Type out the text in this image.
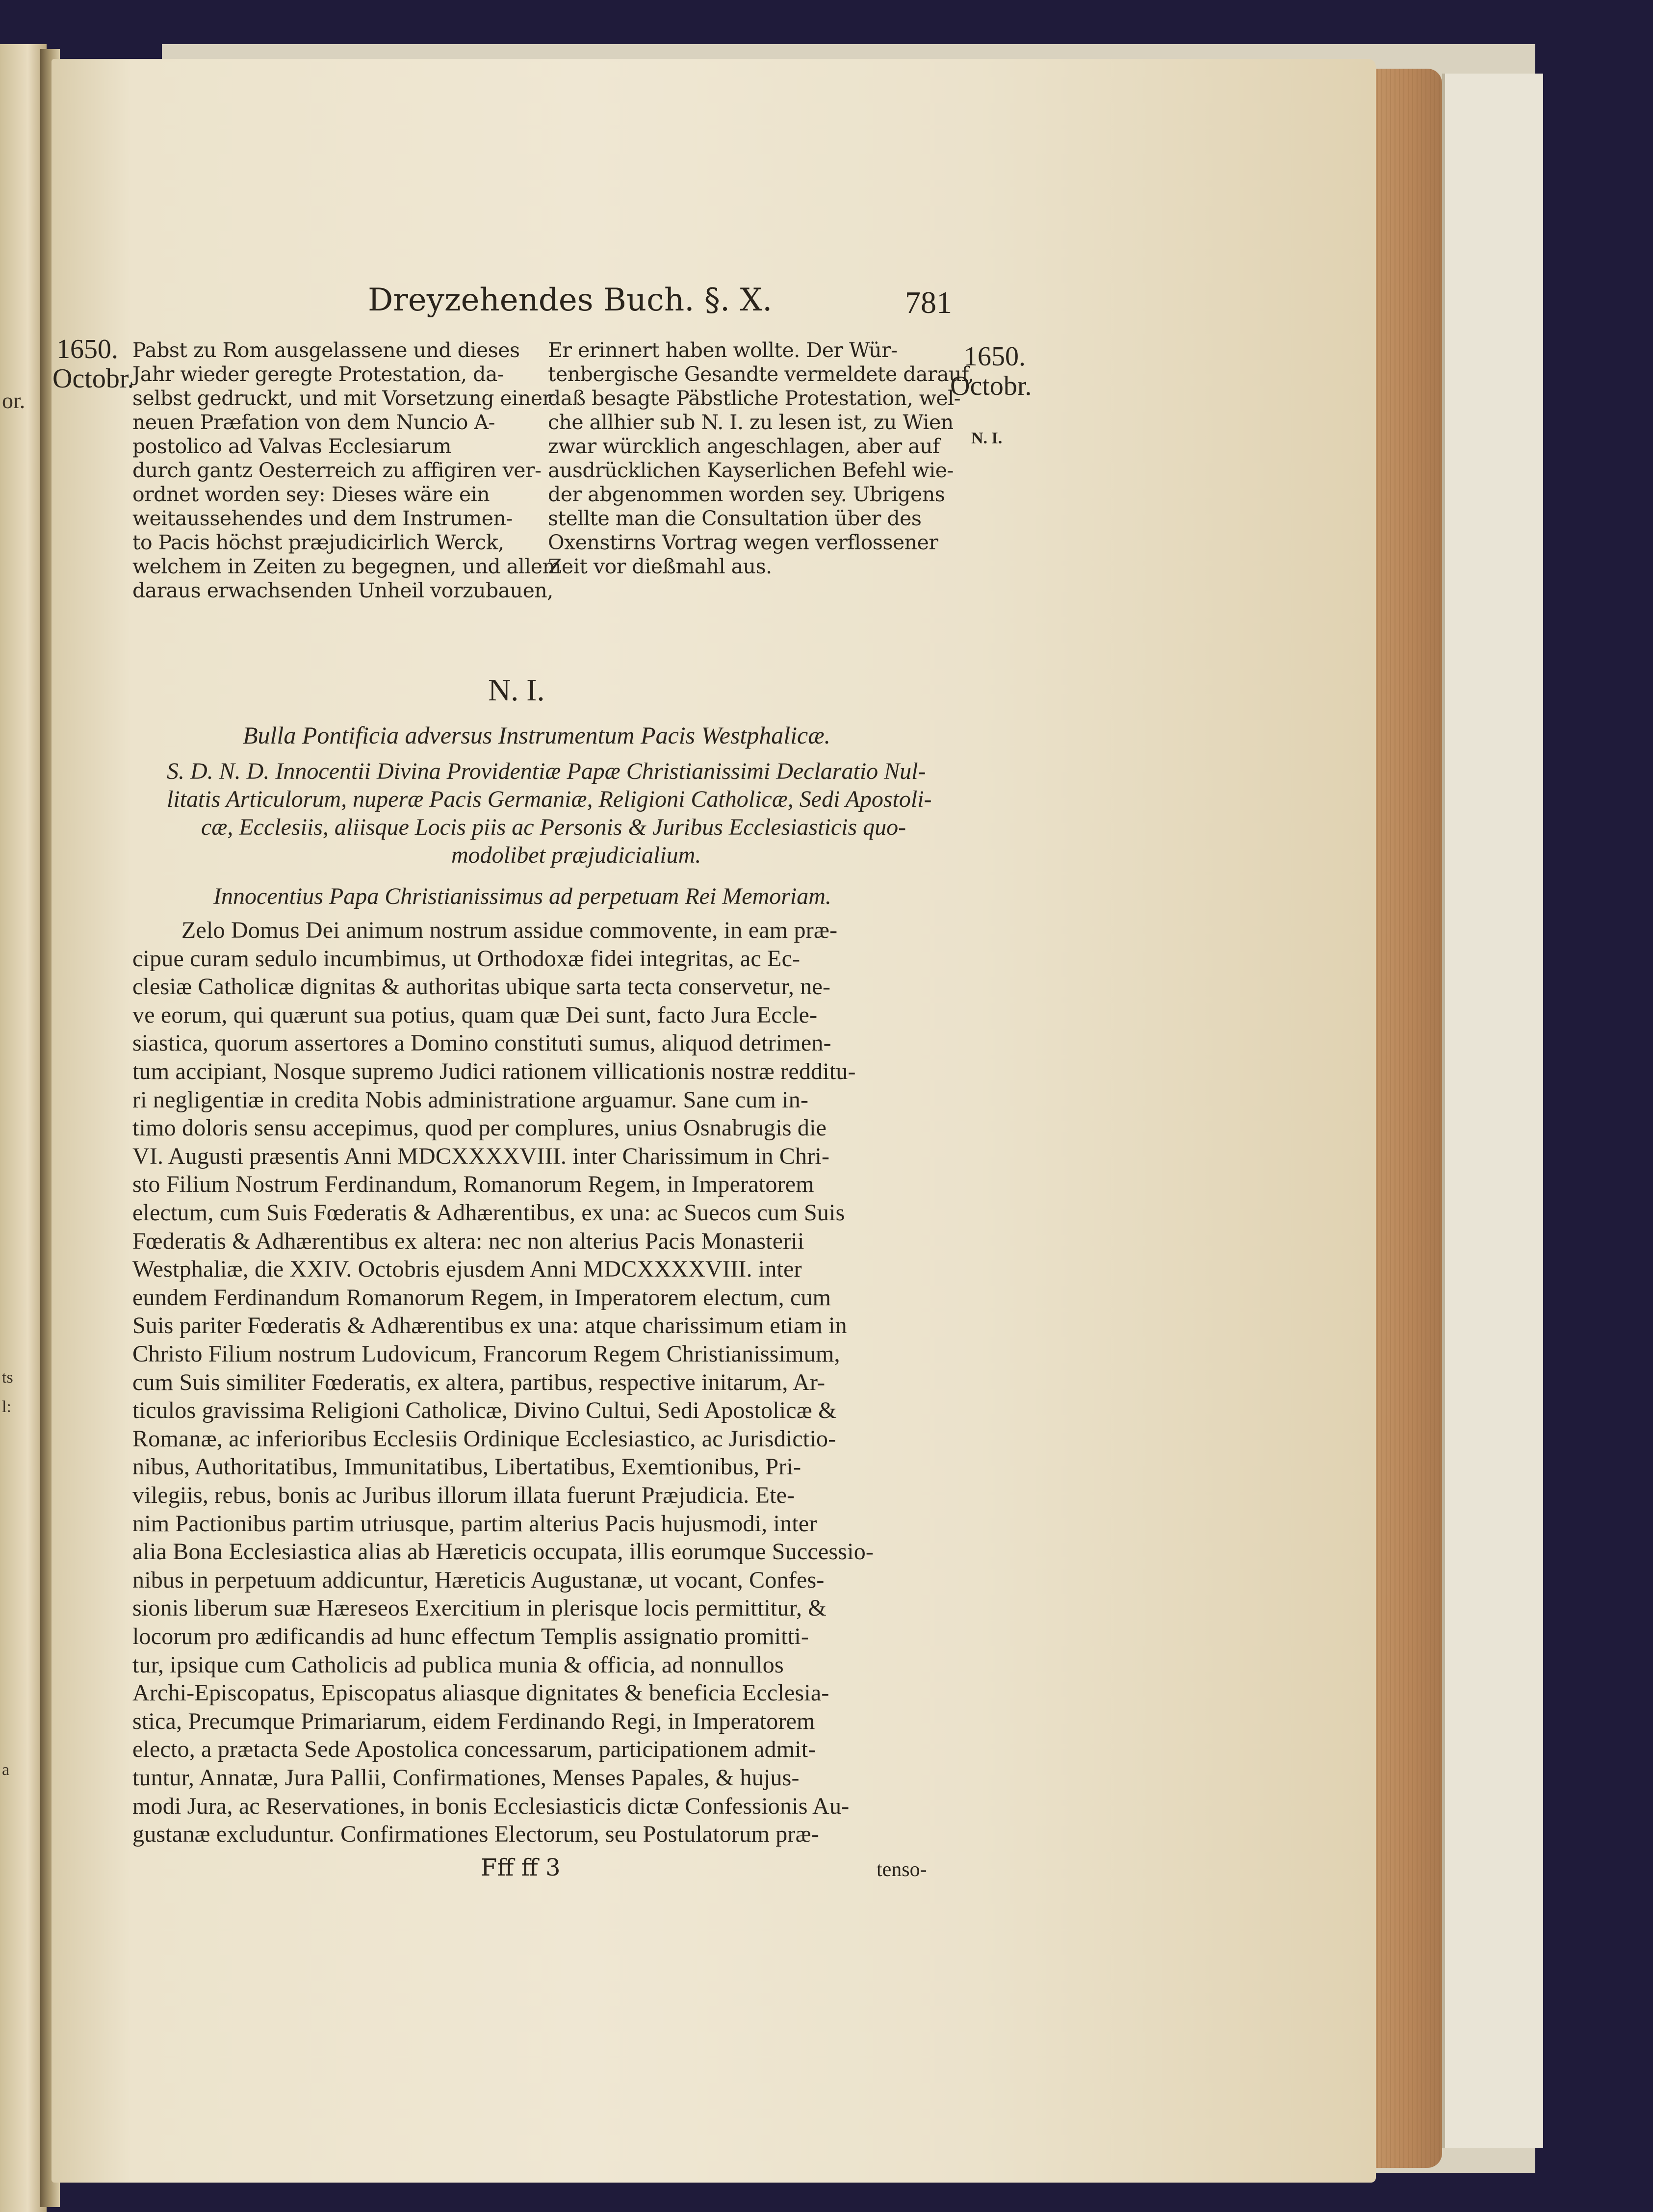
or.
ts
l:
a
Dreyzehendes Buch. §. X.	781
1650.
Octobr.
1650.
Octobr.
N. I.
Pabst zu Rom ausgelassene und dieses
Jahr wieder geregte Protestation, da-
selbst gedruckt, und mit Vorsetzung einer
neuen Præfation von dem Nuncio A-
postolico ad Valvas Ecclesiarum
durch gantz Oesterreich zu affigiren ver-
ordnet worden sey: Dieses wäre ein
weitaussehendes und dem Instrumen-
to Pacis höchst præjudicirlich Werck,
welchem in Zeiten zu begegnen, und allem
daraus erwachsenden Unheil vorzubauen,
Er erinnert haben wollte. Der Wür-
tenbergische Gesandte vermeldete darauf,
daß besagte Päbstliche Protestation, wel-
che allhier sub N. I. zu lesen ist, zu Wien
zwar würcklich angeschlagen, aber auf
ausdrücklichen Kayserlichen Befehl wie-
der abgenommen worden sey. Ubrigens
stellte man die Consultation über des
Oxenstirns Vortrag wegen verflossener
Zeit vor dießmahl aus.
N. I.
Bulla Pontificia adversus Instrumentum Pacis Westphalicæ.
S. D. N. D. Innocentii Divina Providentiæ Papæ Christianissimi Declaratio Nul-
litatis Articulorum, nuperæ Pacis Germaniæ, Religioni Catholicæ, Sedi Apostoli-
cæ, Ecclesiis, aliisque Locis piis ac Personis & Juribus Ecclesiasticis quo-
modolibet præjudicialium.
Innocentius Papa Christianissimus ad perpetuam Rei Memoriam.
Zelo Domus Dei animum nostrum assidue commovente, in eam præ-
cipue curam sedulo incumbimus, ut Orthodoxæ fidei integritas, ac Ec-
clesiæ Catholicæ dignitas & authoritas ubique sarta tecta conservetur, ne-
ve eorum, qui quærunt sua potius, quam quæ Dei sunt, facto Jura Eccle-
siastica, quorum assertores a Domino constituti sumus, aliquod detrimen-
tum accipiant, Nosque supremo Judici rationem villicationis nostræ redditu-
ri negligentiæ in credita Nobis administratione arguamur. Sane cum in-
timo doloris sensu accepimus, quod per complures, unius Osnabrugis die
VI. Augusti præsentis Anni MDCXXXXVIII. inter Charissimum in Chri-
sto Filium Nostrum Ferdinandum, Romanorum Regem, in Imperatorem
electum, cum Suis Fœderatis & Adhærentibus, ex una: ac Suecos cum Suis
Fœderatis & Adhærentibus ex altera: nec non alterius Pacis Monasterii
Westphaliæ, die XXIV. Octobris ejusdem Anni MDCXXXXVIII. inter
eundem Ferdinandum Romanorum Regem, in Imperatorem electum, cum
Suis pariter Fœderatis & Adhærentibus ex una: atque charissimum etiam in
Christo Filium nostrum Ludovicum, Francorum Regem Christianissimum,
cum Suis similiter Fœderatis, ex altera, partibus, respective initarum, Ar-
ticulos gravissima Religioni Catholicæ, Divino Cultui, Sedi Apostolicæ &
Romanæ, ac inferioribus Ecclesiis Ordinique Ecclesiastico, ac Jurisdictio-
nibus, Authoritatibus, Immunitatibus, Libertatibus, Exemtionibus, Pri-
vilegiis, rebus, bonis ac Juribus illorum illata fuerunt Præjudicia. Ete-
nim Pactionibus partim utriusque, partim alterius Pacis hujusmodi, inter
alia Bona Ecclesiastica alias ab Hæreticis occupata, illis eorumque Successio-
nibus in perpetuum addicuntur, Hæreticis Augustanæ, ut vocant, Confes-
sionis liberum suæ Hæreseos Exercitium in plerisque locis permittitur, &
locorum pro ædificandis ad hunc effectum Templis assignatio promitti-
tur, ipsique cum Catholicis ad publica munia & officia, ad nonnullos
Archi-Episcopatus, Episcopatus aliasque dignitates & beneficia Ecclesia-
stica, Precumque Primariarum, eidem Ferdinando Regi, in Imperatorem
electo, a prætacta Sede Apostolica concessarum, participationem admit-
tuntur, Annatæ, Jura Pallii, Confirmationes, Menses Papales, & hujus-
modi Jura, ac Reservationes, in bonis Ecclesiasticis dictæ Confessionis Au-
gustanæ excluduntur. Confirmationes Electorum, seu Postulatorum præ-
Fff ff 3	tenso-
